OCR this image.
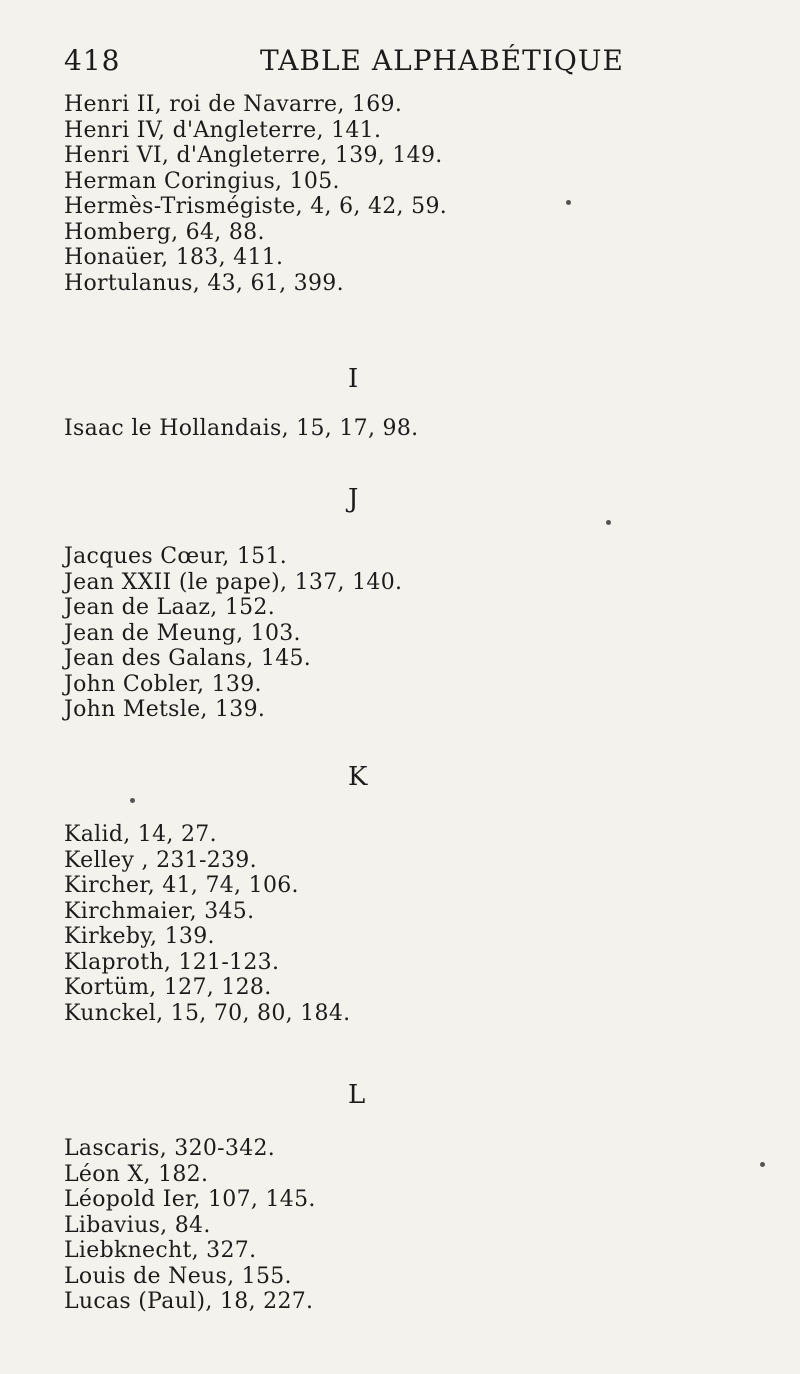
418	TABLE ALPHABÉTIQUE
Henri II, roi de Navarre, 169.
Henri IV, d'Angleterre, 141.
Henri VI, d'Angleterre, 139, 149.
Herman Coringius, 105.
Hermès-Trismégiste, 4, 6, 42, 59.
Homberg, 64, 88.
Honaüer, 183, 411.
Hortulanus, 43, 61, 399.
I
Isaac le Hollandais, 15, 17, 98.
J
Jacques Cœur, 151.
Jean XXII (le pape), 137, 140.
Jean de Laaz, 152.
Jean de Meung, 103.
Jean des Galans, 145.
John Cobler, 139.
John Metsle, 139.
K
Kalid, 14, 27.
Kelley , 231-239.
Kircher, 41, 74, 106.
Kirchmaier, 345.
Kirkeby, 139.
Klaproth, 121-123.
Kortüm, 127, 128.
Kunckel, 15, 70, 80, 184.
L
Lascaris, 320-342.
Léon X, 182.
Léopold Ier, 107, 145.
Libavius, 84.
Liebknecht, 327.
Louis de Neus, 155.
Lucas (Paul), 18, 227.
